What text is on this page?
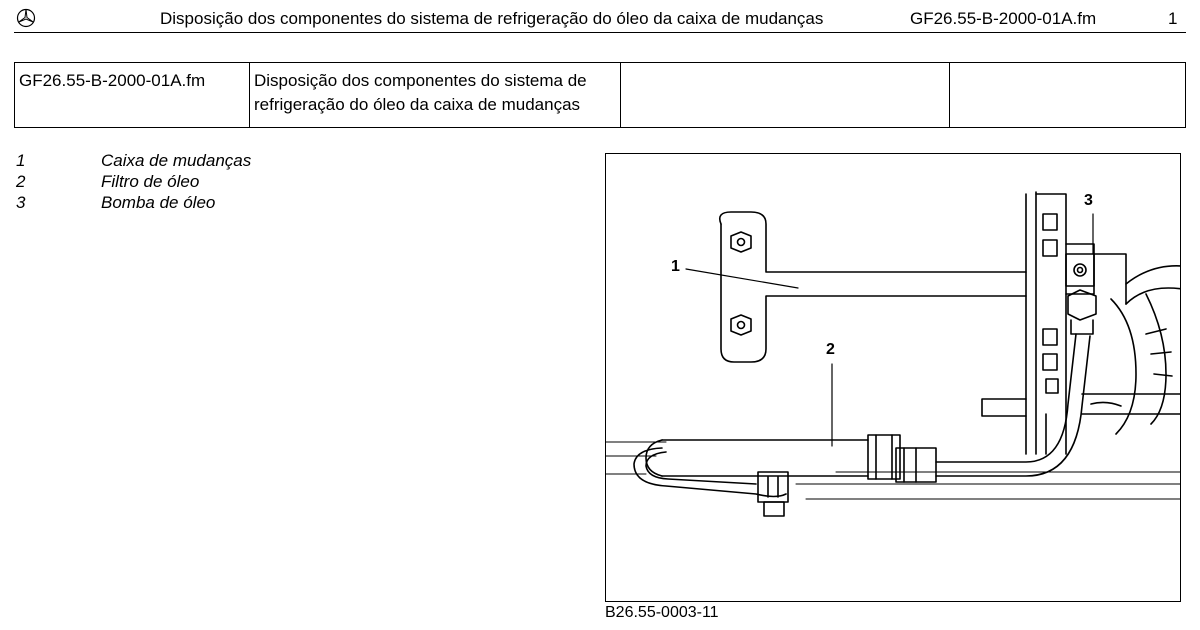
Disposição dos componentes do sistema de refrigeração do óleo da caixa de mudanças	GF26.55-B-2000-01A.fm	1
GF26.55-B-2000-01A.fm	Disposição dos componentes do sistema de
refrigeração do óleo da caixa de mudanças

1	Caixa de mudanças
2	Filtro de óleo
3	Bomba de óleo
1
2
3
B26.55-0003-11
